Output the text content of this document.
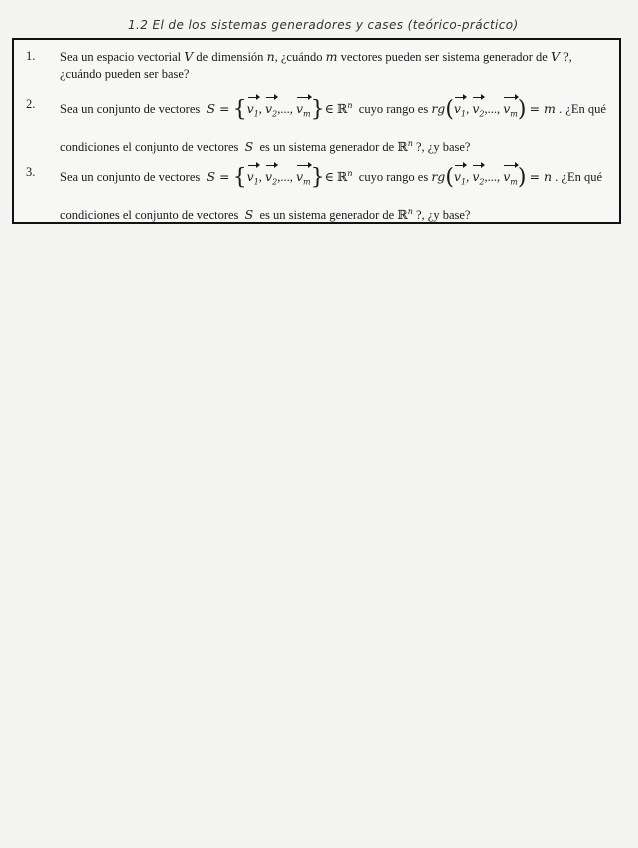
1.2 El de los sistemas generadores y cases (teórico-práctico)
1.	Sea un espacio vectorial V de dimensión n, ¿cuándo m vectores pueden ser sistema generador de V ?,
¿cuándo pueden ser base?
2.	Sea un conjunto de vectores $S = \{v_1$, $v_2$,..., $v_m\}\in$ ℝ$^n$ cuyo rango es $rg(v_1$, $v_2$,..., $v_m) = m$ . ¿En qué
condiciones el conjunto de vectores S es un sistema generador de ℝ$^n$ ?, ¿y base?
3.	Sea un conjunto de vectores $S = \{v_1$, $v_2$,..., $v_m\}\in$ ℝ$^n$ cuyo rango es $rg(v_1$, $v_2$,..., $v_m) = n$ . ¿En qué
condiciones el conjunto de vectores S es un sistema generador de ℝ$^n$ ?, ¿y base?
